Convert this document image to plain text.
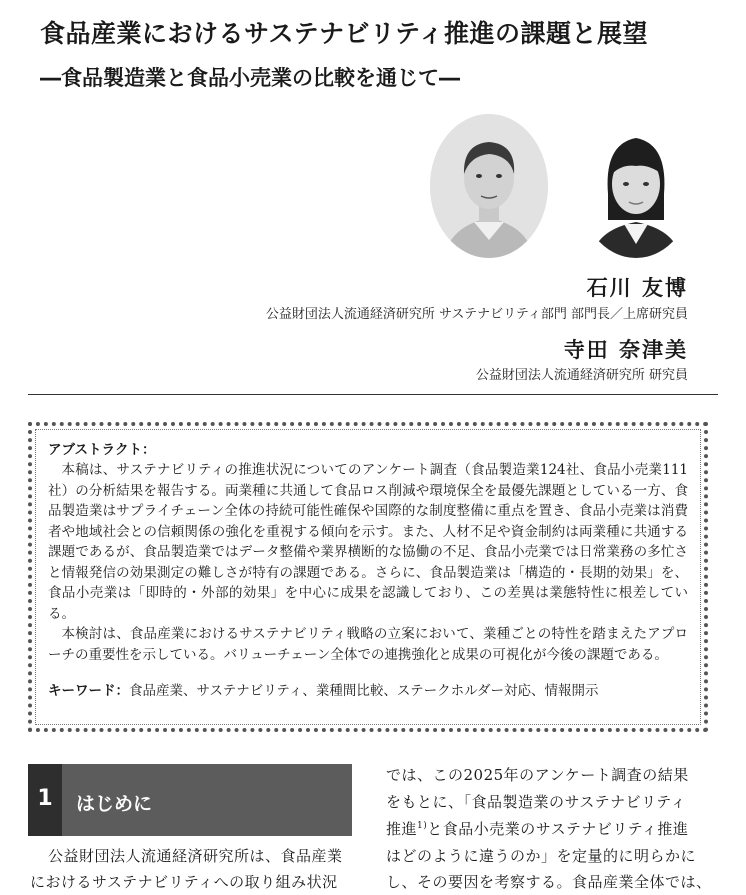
食品産業におけるサステナビリティ推進の課題と展望
―食品製造業と食品小売業の比較を通じて―
石川 友博
公益財団法人流通経済研究所 サステナビリティ部門 部門長／上席研究員
寺田 奈津美
公益財団法人流通経済研究所 研究員
アブストラクト：

本稿は、サステナビリティの推進状況についてのアンケート調査（食品製造業124社、食品小売業111社）の分析結果を報告する。両業種に共通して食品ロス削減や環境保全を最優先課題としている一方、食品製造業はサプライチェーン全体の持続可能性確保や国際的な制度整備に重点を置き、食品小売業は消費者や地域社会との信頼関係の強化を重視する傾向を示す。また、人材不足や資金制約は両業種に共通する課題であるが、食品製造業ではデータ整備や業界横断的な協働の不足、食品小売業では日常業務の多忙さと情報発信の効果測定の難しさが特有の課題である。さらに、食品製造業は「構造的・長期的効果」を、食品小売業は「即時的・外部的効果」を中心に成果を認識しており、この差異は業態特性に根差している。

本検討は、食品産業におけるサステナビリティ戦略の立案において、業種ごとの特性を踏まえたアプローチの重要性を示している。バリューチェーン全体での連携強化と成果の可視化が今後の課題である。

キーワード：食品産業、サステナビリティ、業種間比較、ステークホルダー対応、情報開示
1	はじめに
公益財団法人流通経済研究所は、食品産業
におけるサステナビリティへの取り組み状況
では、この2025年のアンケート調査の結果
をもとに、「食品製造業のサステナビリティ
推進$^{1)}$と食品小売業のサステナビリティ推進
はどのように違うのか」を定量的に明らかに
し、その要因を考察する。食品産業全体では、
